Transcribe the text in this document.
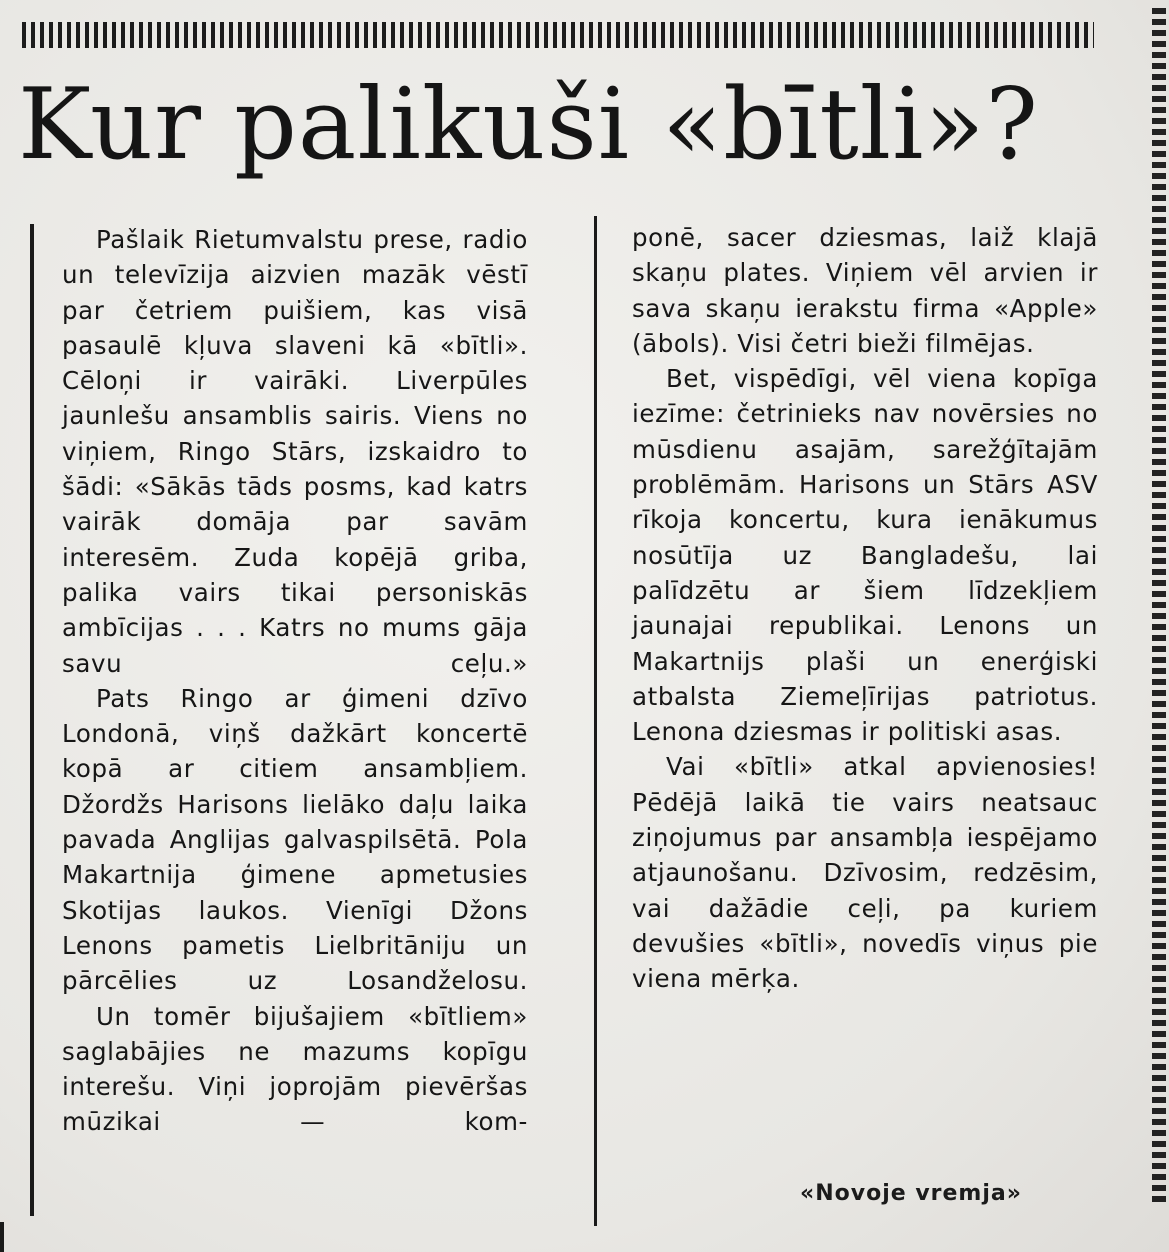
Kur palikuši «bītli»?

Pašlaik Rietumvalstu prese, radio un televīzija aizvien mazāk vēstī par četriem puišiem, kas visā pasaulē kļuva slaveni kā «bītli». Cēloņi ir vairāki. Liverpūles jaunlešu ansamblis sairis. Viens no viņiem, Ringo Stārs, izskaidro to šādi: «Sākās tāds posms, kad katrs vairāk domāja par savām interesēm. Zuda kopējā griba, palika vairs tikai personiskās ambīcijas . . . Katrs no mums gāja savu ceļu.»

Pats Ringo ar ģimeni dzīvo Londonā, viņš dažkārt koncertē kopā ar citiem ansambļiem. Džordžs Harisons lielāko daļu laika pavada Anglijas galvaspilsētā. Pola Makartnija ģimene apmetusies Skotijas laukos. Vienīgi Džons Lenons pametis Lielbritāniju un pārcēlies uz Losandželosu.

Un tomēr bijušajiem «bītliem» saglabājies ne mazums kopīgu interešu. Viņi joprojām pievēršas mūzikai — kom-

ponē, sacer dziesmas, laiž klajā skaņu plates. Viņiem vēl arvien ir sava skaņu ierakstu firma «Apple» (ābols). Visi četri bieži filmējas.

Bet, vispēdīgi, vēl viena kopīga iezīme: četrinieks nav novērsies no mūsdienu asajām, sarežģītajām problēmām. Harisons un Stārs ASV rīkoja koncertu, kura ienākumus nosūtīja uz Bangladešu, lai palīdzētu ar šiem līdzekļiem jaunajai republikai. Lenons un Makartnijs plaši un enerģiski atbalsta Ziemeļīrijas patriotus. Lenona dziesmas ir politiski asas.

Vai «bītli» atkal apvienosies! Pēdējā laikā tie vairs neatsauc ziņojumus par ansambļa iespējamo atjaunošanu. Dzīvosim, redzēsim, vai dažādie ceļi, pa kuriem devušies «bītli», novedīs viņus pie viena mērķa.

«Novoje vremja»
